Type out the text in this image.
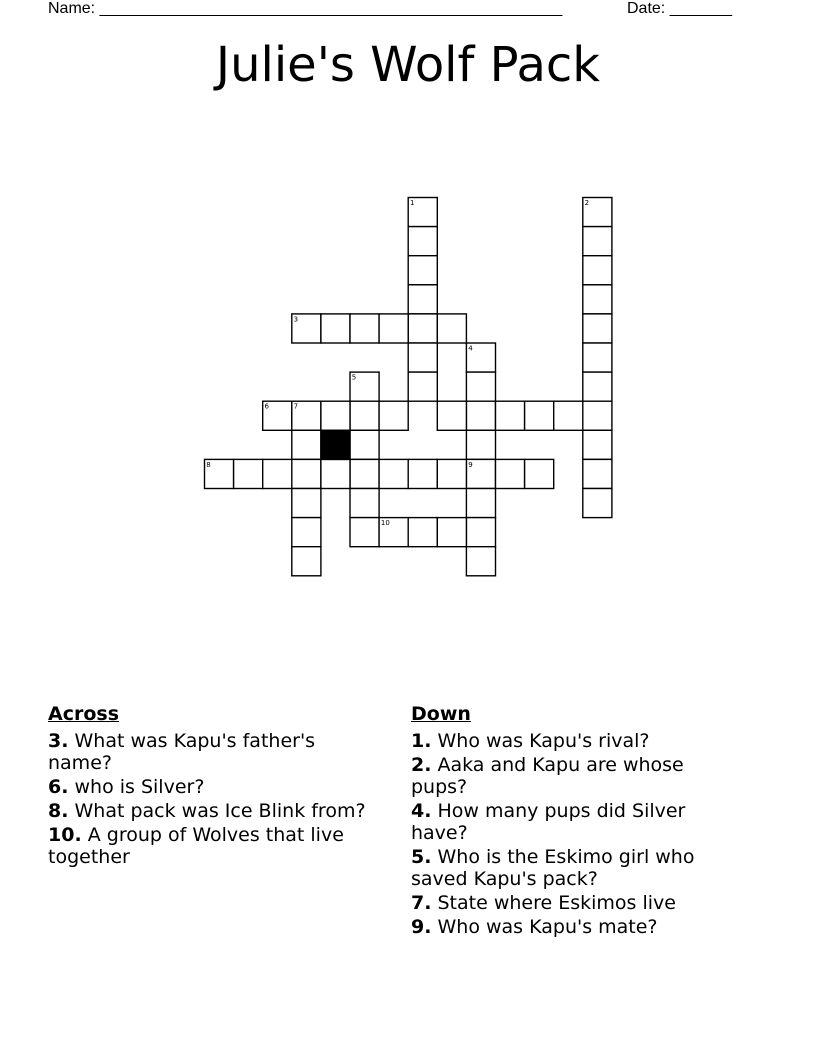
Name: ____________________________________________________	Date: _______
Julie's Wolf Pack
1	2
3
4
5
6	7
8	9
10
Across
3. What was Kapu's father's name?
6. who is Silver?
8. What pack was Ice Blink from?
10. A group of Wolves that live together
Down
1. Who was Kapu's rival?
2. Aaka and Kapu are whose pups?
4. How many pups did Silver have?
5. Who is the Eskimo girl who saved Kapu's pack?
7. State where Eskimos live
9. Who was Kapu's mate?
